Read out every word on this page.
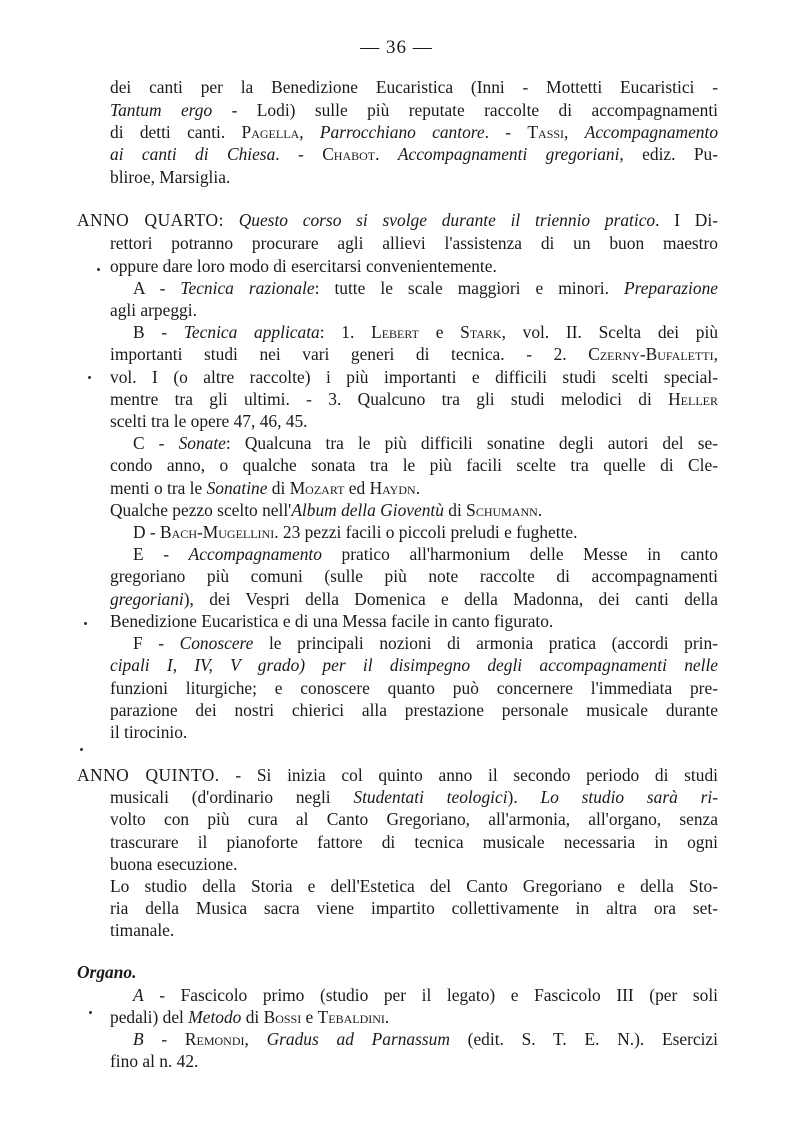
— 36 —
dei canti per la Benedizione Eucaristica (Inni - Mottetti Eucaristici -
Tantum ergo - Lodi) sulle più reputate raccolte di accompagnamenti
di detti canti. Pagella, Parrocchiano cantore. - Tassi, Accompagnamento
ai canti di Chiesa. - Chabot. Accompagnamenti gregoriani, ediz. Pu-
bliroe, Marsiglia.
ANNO QUARTO: Questo corso si svolge durante il triennio pratico. I Di-
rettori potranno procurare agli allievi l'assistenza di un buon maestro
oppure dare loro modo di esercitarsi convenientemente.
A - Tecnica razionale: tutte le scale maggiori e minori. Preparazione
agli arpeggi.
B - Tecnica applicata: 1. Lebert e Stark, vol. II. Scelta dei più
importanti studi nei vari generi di tecnica. - 2. Czerny-Bufaletti,
vol. I (o altre raccolte) i più importanti e difficili studi scelti special-
mentre tra gli ultimi. - 3. Qualcuno tra gli studi melodici di Heller
scelti tra le opere 47, 46, 45.
C - Sonate: Qualcuna tra le più difficili sonatine degli autori del se-
condo anno, o qualche sonata tra le più facili scelte tra quelle di Cle-
menti o tra le Sonatine di Mozart ed Haydn.
Qualche pezzo scelto nell'Album della Gioventù di Schumann.
D - Bach-Mugellini. 23 pezzi facili o piccoli preludi e fughette.
E - Accompagnamento pratico all'harmonium delle Messe in canto
gregoriano più comuni (sulle più note raccolte di accompagnamenti
gregoriani), dei Vespri della Domenica e della Madonna, dei canti della
Benedizione Eucaristica e di una Messa facile in canto figurato.
F - Conoscere le principali nozioni di armonia pratica (accordi prin-
cipali I, IV, V grado) per il disimpegno degli accompagnamenti nelle
funzioni liturgiche; e conoscere quanto può concernere l'immediata pre-
parazione dei nostri chierici alla prestazione personale musicale durante
il tirocinio.
ANNO QUINTO. - Si inizia col quinto anno il secondo periodo di studi
musicali (d'ordinario negli Studentati teologici). Lo studio sarà ri-
volto con più cura al Canto Gregoriano, all'armonia, all'organo, senza
trascurare il pianoforte fattore di tecnica musicale necessaria in ogni
buona esecuzione.
Lo studio della Storia e dell'Estetica del Canto Gregoriano e della Sto-
ria della Musica sacra viene impartito collettivamente in altra ora set-
timanale.
Organo.
A - Fascicolo primo (studio per il legato) e Fascicolo III (per soli
pedali) del Metodo di Bossi e Tebaldini.
B - Remondi, Gradus ad Parnassum (edit. S. T. E. N.). Esercizi
fino al n. 42.
